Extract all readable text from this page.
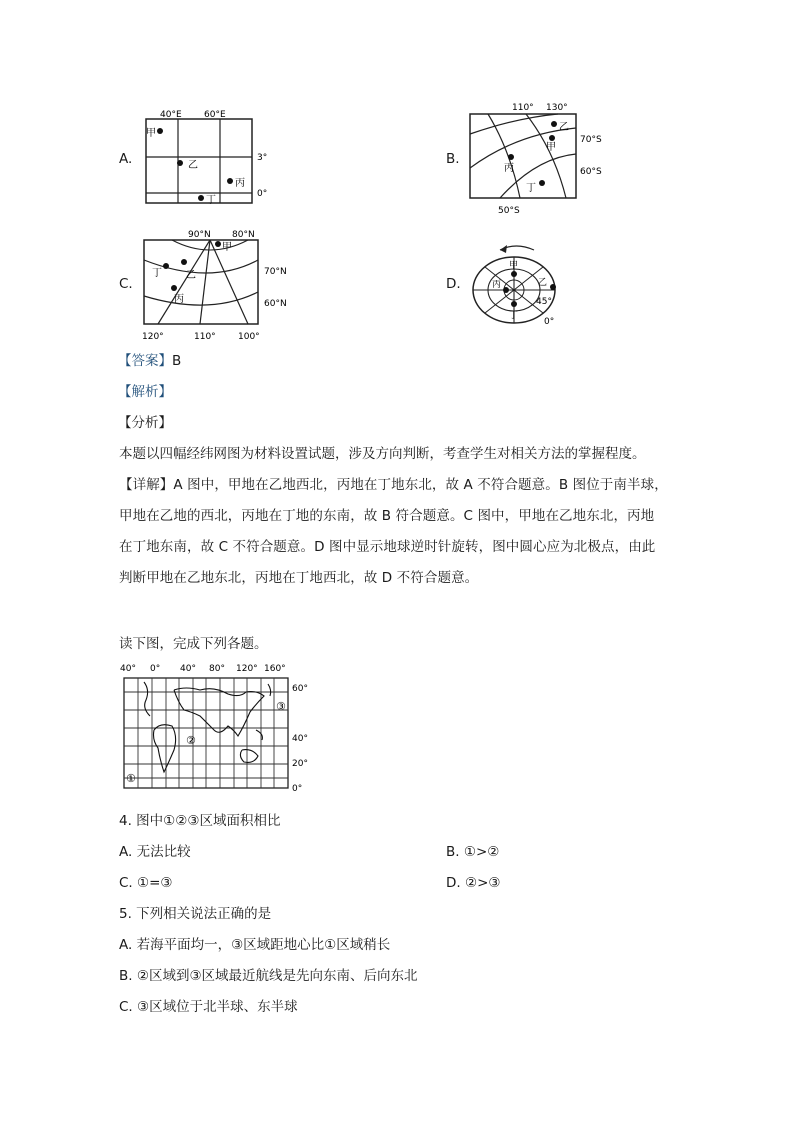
A.
40°E 60°E
3°
0°
甲
乙
丙
丁
B.
110° 130°
70°S
60°S
50°S
乙
甲
丙
丁
C.
90°N 80°N
70°N
60°N
120°	110° 100°
甲
丁 乙
丙
D.
甲
丙	乙
丁
45°
0°
【答案】B
【解析】
【分析】
本题以四幅经纬网图为材料设置试题，涉及方向判断，考查学生对相关方法的掌握程度。
【详解】A 图中，甲地在乙地西北，丙地在丁地东北，故 A 不符合题意。B 图位于南半球，
甲地在乙地的西北，丙地在丁地的东南，故 B 符合题意。C 图中，甲地在乙地东北，丙地
在丁地东南，故 C 不符合题意。D 图中显示地球逆时针旋转，图中圆心应为北极点，由此
判断甲地在乙地东北，丙地在丁地西北，故 D 不符合题意。
读下图，完成下列各题。
40° 0° 40° 80° 120° 160°
60°
40°
20°
0°
①
②
③
4. 图中①②③区域面积相比
A. 无法比较	B. ①>②
C. ①=③	D. ②>③
5. 下列相关说法正确的是
A. 若海平面均一，③区域距地心比①区域稍长
B. ②区域到③区域最近航线是先向东南、后向东北
C. ③区域位于北半球、东半球
